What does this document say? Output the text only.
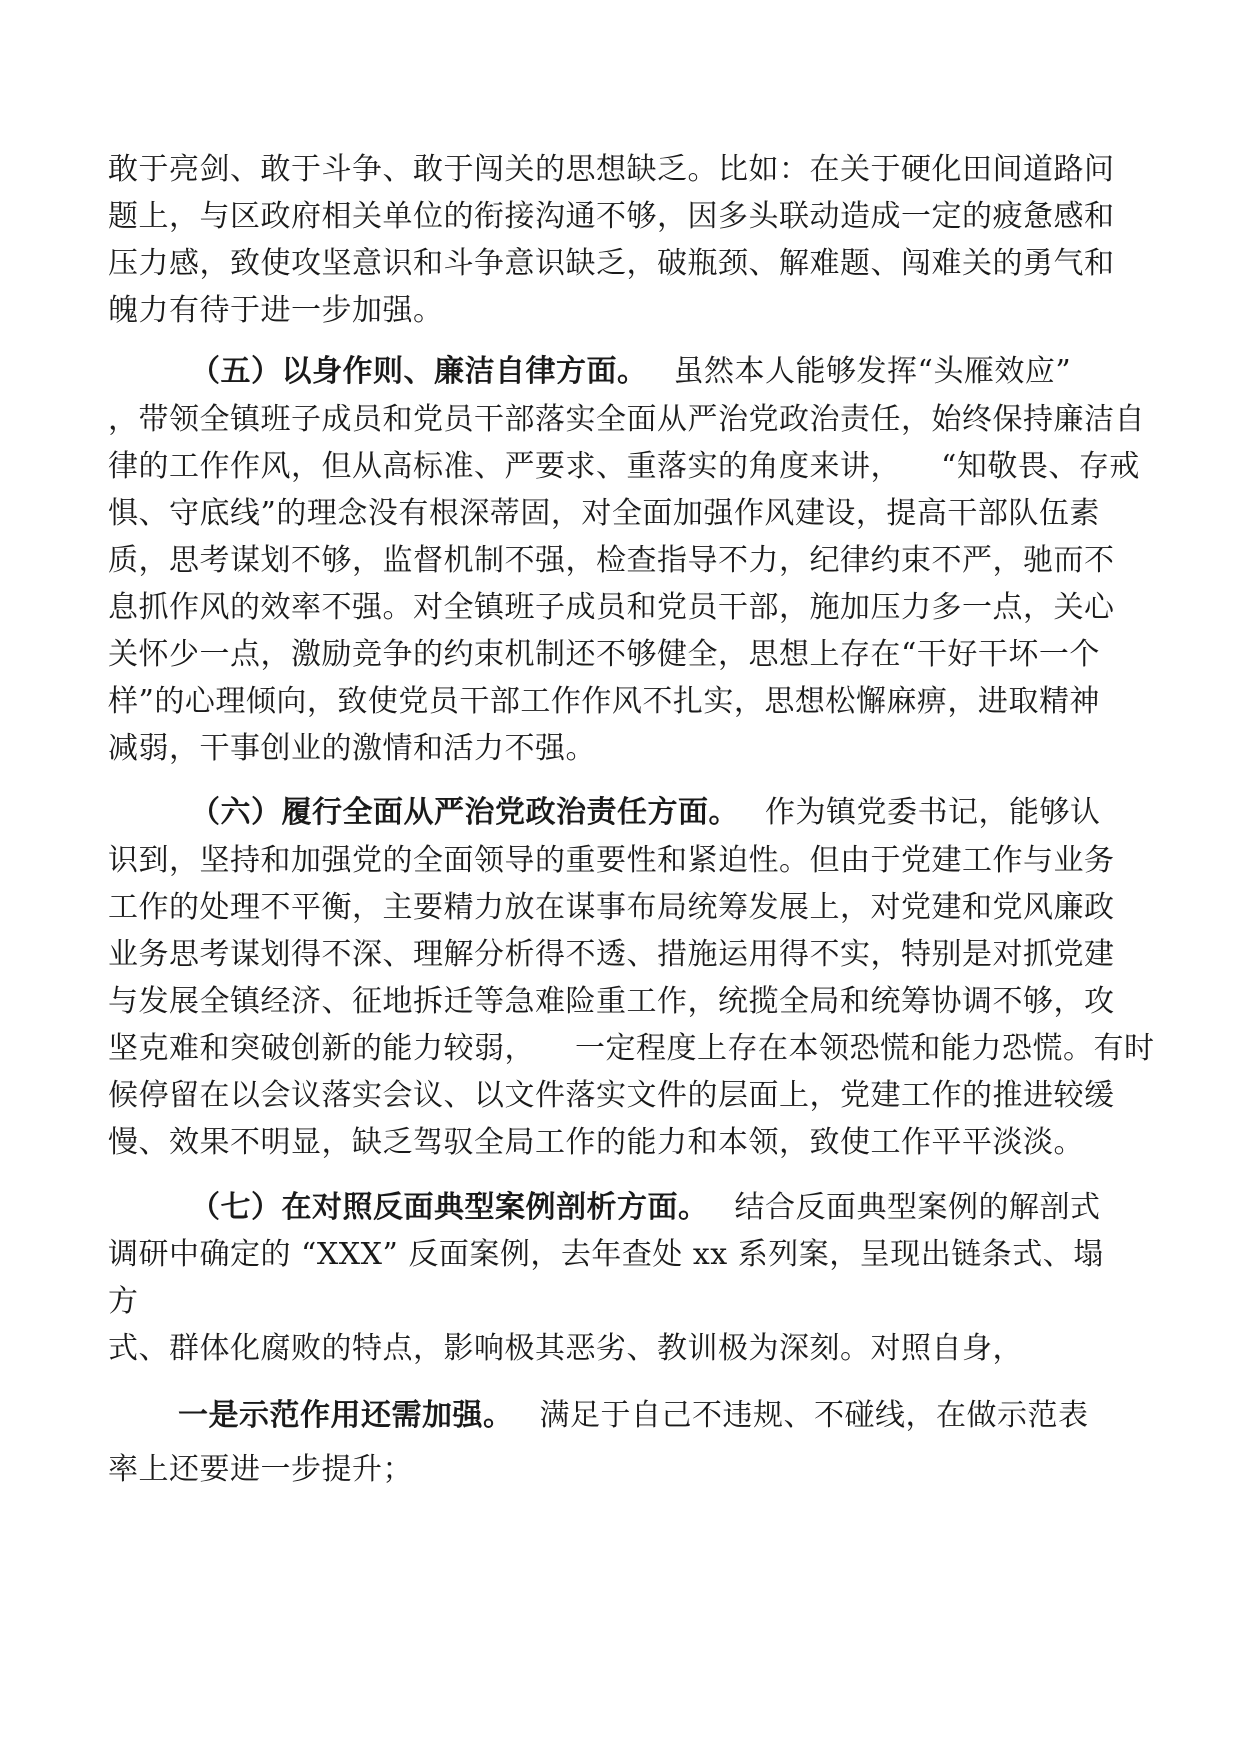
敢于亮剑、敢于斗争、敢于闯关的思想缺乏。比如：在关于硬化田间道路问
题上，与区政府相关单位的衔接沟通不够，因多头联动造成一定的疲惫感和
压力感，致使攻坚意识和斗争意识缺乏，破瓶颈、解难题、闯难关的勇气和
魄力有待于进一步加强。
（五）以身作则、廉洁自律方面。 虽然本人能够发挥“头雁效应”
，带领全镇班子成员和党员干部落实全面从严治党政治责任，始终保持廉洁自
律的工作作风，但从高标准、严要求、重落实的角度来讲， “知敬畏、存戒
惧、守底线”的理念没有根深蒂固，对全面加强作风建设，提高干部队伍素
质，思考谋划不够，监督机制不强，检查指导不力，纪律约束不严，驰而不
息抓作风的效率不强。对全镇班子成员和党员干部，施加压力多一点，关心
关怀少一点，激励竞争的约束机制还不够健全，思想上存在“干好干坏一个
样”的心理倾向，致使党员干部工作作风不扎实，思想松懈麻痹，进取精神
减弱，干事创业的激情和活力不强。
（六）履行全面从严治党政治责任方面。 作为镇党委书记，能够认
识到，坚持和加强党的全面领导的重要性和紧迫性。但由于党建工作与业务
工作的处理不平衡，主要精力放在谋事布局统筹发展上，对党建和党风廉政
业务思考谋划得不深、理解分析得不透、措施运用得不实，特别是对抓党建
与发展全镇经济、征地拆迁等急难险重工作，统揽全局和统筹协调不够，攻
坚克难和突破创新的能力较弱， 一定程度上存在本领恐慌和能力恐慌。有时
候停留在以会议落实会议、以文件落实文件的层面上，党建工作的推进较缓
慢、效果不明显，缺乏驾驭全局工作的能力和本领，致使工作平平淡淡。
（七）在对照反面典型案例剖析方面。 结合反面典型案例的解剖式
调研中确定的 “XXX” 反面案例，去年查处 xx 系列案，呈现出链条式、塌
方
式、群体化腐败的特点，影响极其恶劣、教训极为深刻。对照自身，
一是示范作用还需加强。 满足于自己不违规、不碰线，在做示范表
率上还要进一步提升；
